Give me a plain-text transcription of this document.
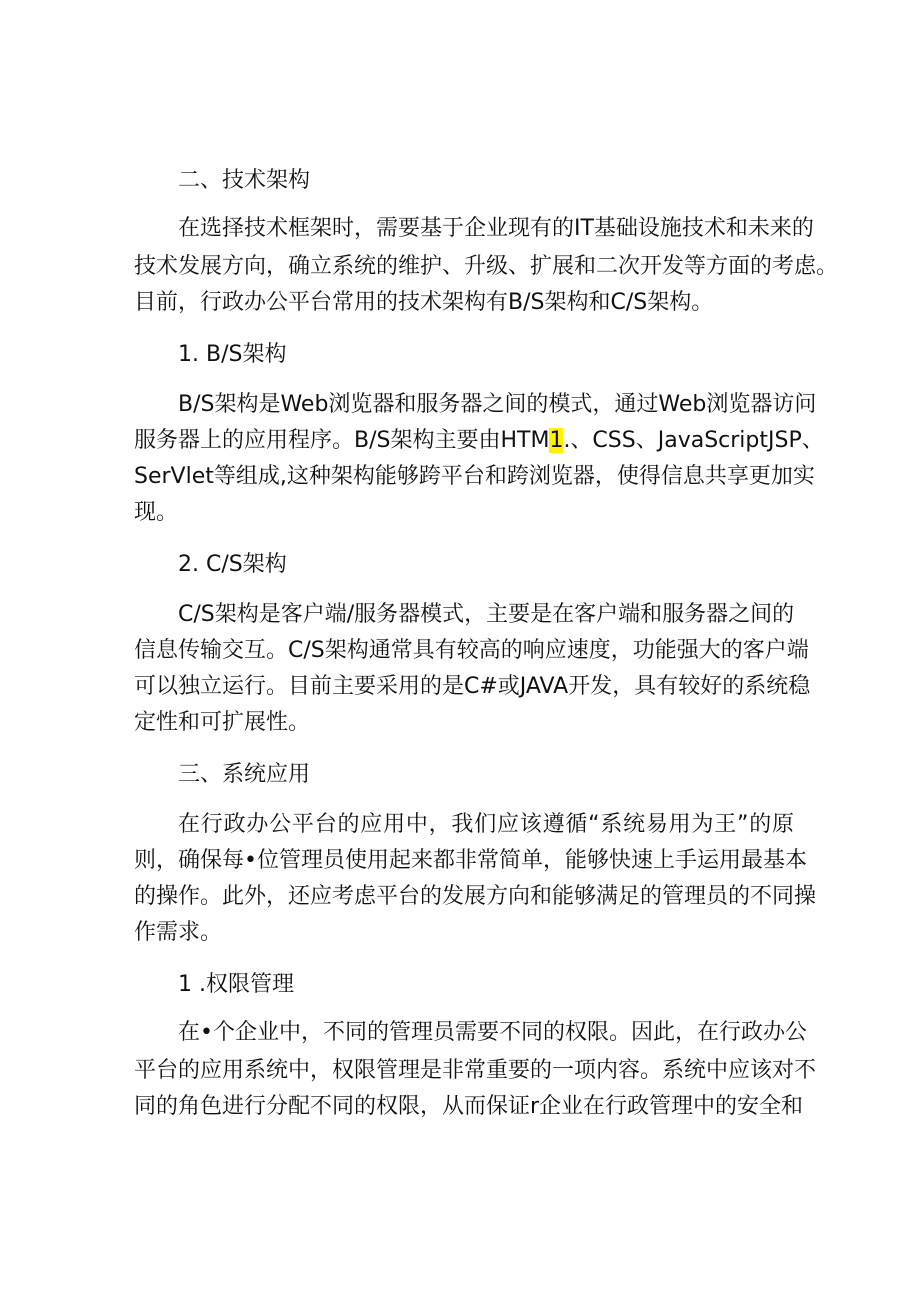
二、技术架构
在选择技术框架时，需要基于企业现有的IT基础设施技术和未来的
技术发展方向，确立系统的维护、升级、扩展和二次开发等方面的考虑。
目前，行政办公平台常用的技术架构有B/S架构和C/S架构。
1. B/S架构
B/S架构是Web浏览器和服务器之间的模式，通过Web浏览器访问
服务器上的应用程序。B/S架构主要由HTM1.、CSS、JavaScriptJSP、
SerVlet等组成,这种架构能够跨平台和跨浏览器，使得信息共享更加实
现。
2. C/S架构
C/S架构是客户端/服务器模式，主要是在客户端和服务器之间的
信息传输交互。C/S架构通常具有较高的响应速度，功能强大的客户端
可以独立运行。目前主要采用的是C#或JAVA开发，具有较好的系统稳
定性和可扩展性。
三、系统应用
在行政办公平台的应用中，我们应该遵循“系统易用为王”的原
则，确保每•位管理员使用起来都非常简单，能够快速上手运用最基本
的操作。此外，还应考虑平台的发展方向和能够满足的管理员的不同操
作需求。
1 .权限管理
在•个企业中，不同的管理员需要不同的权限。因此，在行政办公
平台的应用系统中，权限管理是非常重要的一项内容。系统中应该对不
同的角色进行分配不同的权限，从而保证r企业在行政管理中的安全和
